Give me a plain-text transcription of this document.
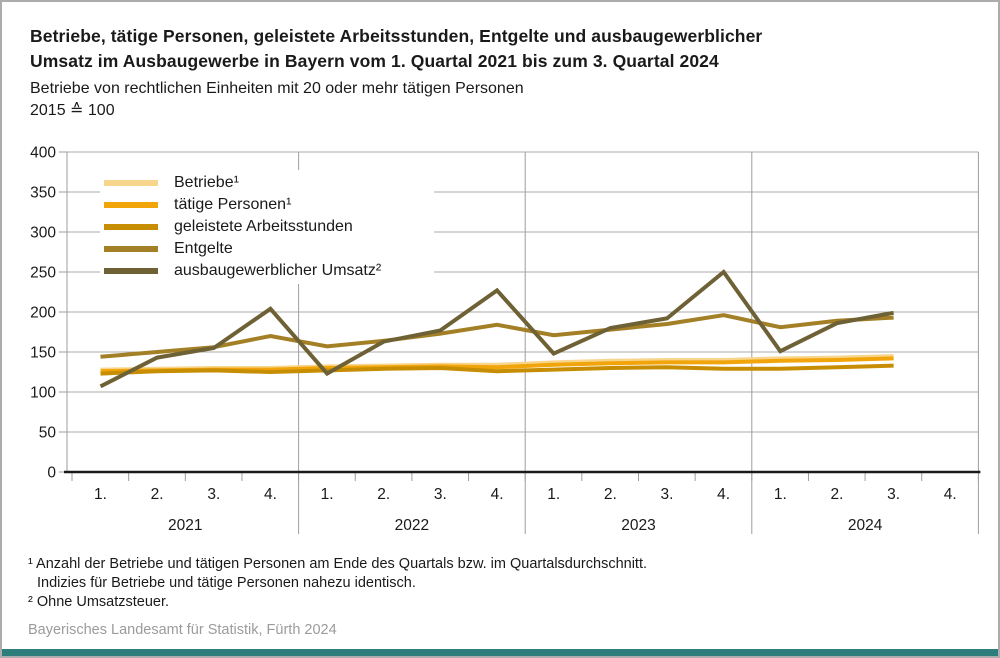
Betriebe, tätige Personen, geleistete Arbeitsstunden, Entgelte und ausbaugewerblicher
Umsatz im Ausbaugewerbe in Bayern vom 1. Quartal 2021 bis zum 3. Quartal 2024
Betriebe von rechtlichen Einheiten mit 20 oder mehr tätigen Personen
2015 ≙ 100
0
50
100
150
200
250
300
350
400
1.	2.	3.	4.	1.	2.	3.	4.	1.	2.	3.	4.	1.	2.	3.	4.
2021	2022	2023	2024
Betriebe¹
tätige Personen¹
geleistete Arbeitsstunden
Entgelte
ausbaugewerblicher Umsatz²
¹ Anzahl der Betriebe und tätigen Personen am Ende des Quartals bzw. im Quartalsdurchschnitt.
Indizies für Betriebe und tätige Personen nahezu identisch.
² Ohne Umsatzsteuer.
Bayerisches Landesamt für Statistik, Fürth 2024
